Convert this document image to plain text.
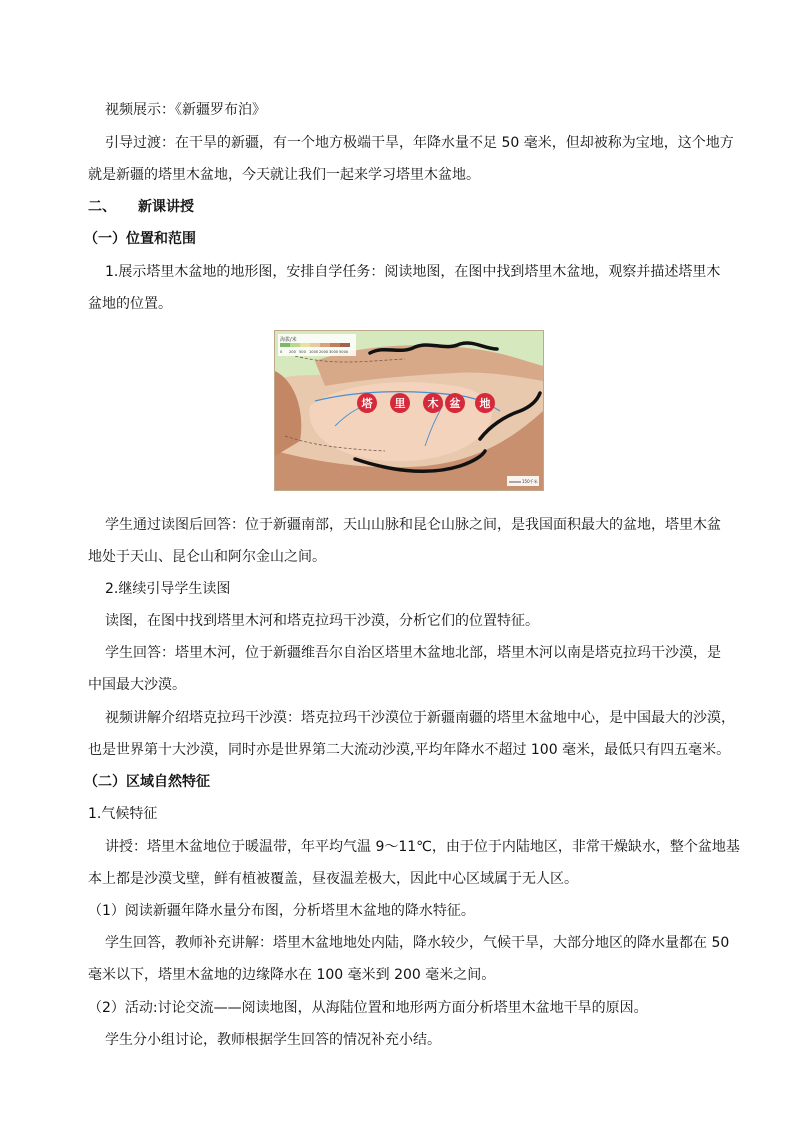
视频展示：《新疆罗布泊》
引导过渡：在干旱的新疆，有一个地方极端干旱，年降水量不足 50 毫米，但却被称为宝地，这个地方
就是新疆的塔里木盆地，今天就让我们一起来学习塔里木盆地。
二、 新课讲授
（一）位置和范围
1.展示塔里木盆地的地形图，安排自学任务：阅读地图，在图中找到塔里木盆地，观察并描述塔里木
盆地的位置。
海拔/米
0 200 500 1000 2000 3000 5000
塔 里 木 盆 地
150千米
学生通过读图后回答：位于新疆南部，天山山脉和昆仑山脉之间，是我国面积最大的盆地，塔里木盆
地处于天山、昆仑山和阿尔金山之间。
2.继续引导学生读图
读图，在图中找到塔里木河和塔克拉玛干沙漠，分析它们的位置特征。
学生回答：塔里木河，位于新疆维吾尔自治区塔里木盆地北部，塔里木河以南是塔克拉玛干沙漠，是
中国最大沙漠。
视频讲解介绍塔克拉玛干沙漠：塔克拉玛干沙漠位于新疆南疆的塔里木盆地中心，是中国最大的沙漠，
也是世界第十大沙漠，同时亦是世界第二大流动沙漠,平均年降水不超过 100 毫米，最低只有四五毫米。
（二）区域自然特征
1.气候特征
讲授：塔里木盆地位于暖温带，年平均气温 9～11℃，由于位于内陆地区，非常干燥缺水，整个盆地基
本上都是沙漠戈壁，鲜有植被覆盖，昼夜温差极大，因此中心区域属于无人区。
（1）阅读新疆年降水量分布图，分析塔里木盆地的降水特征。
学生回答，教师补充讲解：塔里木盆地地处内陆，降水较少，气候干旱，大部分地区的降水量都在 50
毫米以下，塔里木盆地的边缘降水在 100 毫米到 200 毫米之间。
（2）活动:讨论交流——阅读地图，从海陆位置和地形两方面分析塔里木盆地干旱的原因。
学生分小组讨论，教师根据学生回答的情况补充小结。
